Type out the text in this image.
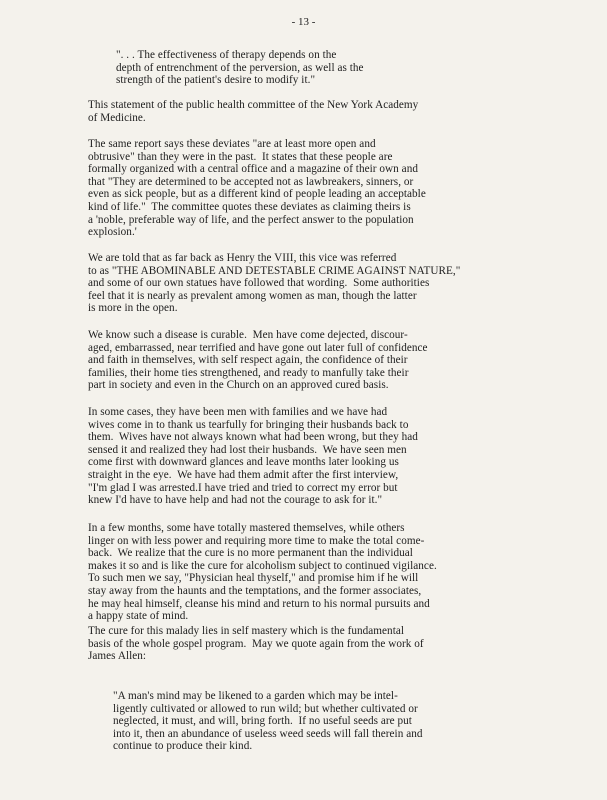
- 13 -

". . . The effectiveness of therapy depends on the
depth of entrenchment of the perversion, as well as the
strength of the patient's desire to modify it."

This statement of the public health committee of the New York Academy
of Medicine.

The same report says these deviates "are at least more open and
obtrusive" than they were in the past.  It states that these people are
formally organized with a central office and a magazine of their own and
that "They are determined to be accepted not as lawbreakers, sinners, or
even as sick people, but as a different kind of people leading an acceptable
kind of life."  The committee quotes these deviates as claiming theirs is
a 'noble, preferable way of life, and the perfect answer to the population
explosion.'

We are told that as far back as Henry the VIII, this vice was referred
to as "THE ABOMINABLE AND DETESTABLE CRIME AGAINST NATURE,"
and some of our own statues have followed that wording.  Some authorities
feel that it is nearly as prevalent among women as man, though the latter
is more in the open.

We know such a disease is curable.  Men have come dejected, discour-
aged, embarrassed, near terrified and have gone out later full of confidence
and faith in themselves, with self respect again, the confidence of their
families, their home ties strengthened, and ready to manfully take their
part in society and even in the Church on an approved cured basis.

In some cases, they have been men with families and we have had
wives come in to thank us tearfully for bringing their husbands back to
them.  Wives have not always known what had been wrong, but they had
sensed it and realized they had lost their husbands.  We have seen men
come first with downward glances and leave months later looking us
straight in the eye.  We have had them admit after the first interview,
"I'm glad I was arrested.I have tried and tried to correct my error but
knew I'd have to have help and had not the courage to ask for it."

In a few months, some have totally mastered themselves, while others
linger on with less power and requiring more time to make the total come-
back.  We realize that the cure is no more permanent than the individual
makes it so and is like the cure for alcoholism subject to continued vigilance.
To such men we say, "Physician heal thyself," and promise him if he will
stay away from the haunts and the temptations, and the former associates,
he may heal himself, cleanse his mind and return to his normal pursuits and
a happy state of mind.

The cure for this malady lies in self mastery which is the fundamental
basis of the whole gospel program.  May we quote again from the work of
James Allen:

"A man's mind may be likened to a garden which may be intel-
ligently cultivated or allowed to run wild; but whether cultivated or
neglected, it must, and will, bring forth.  If no useful seeds are put
into it, then an abundance of useless weed seeds will fall therein and
continue to produce their kind.
